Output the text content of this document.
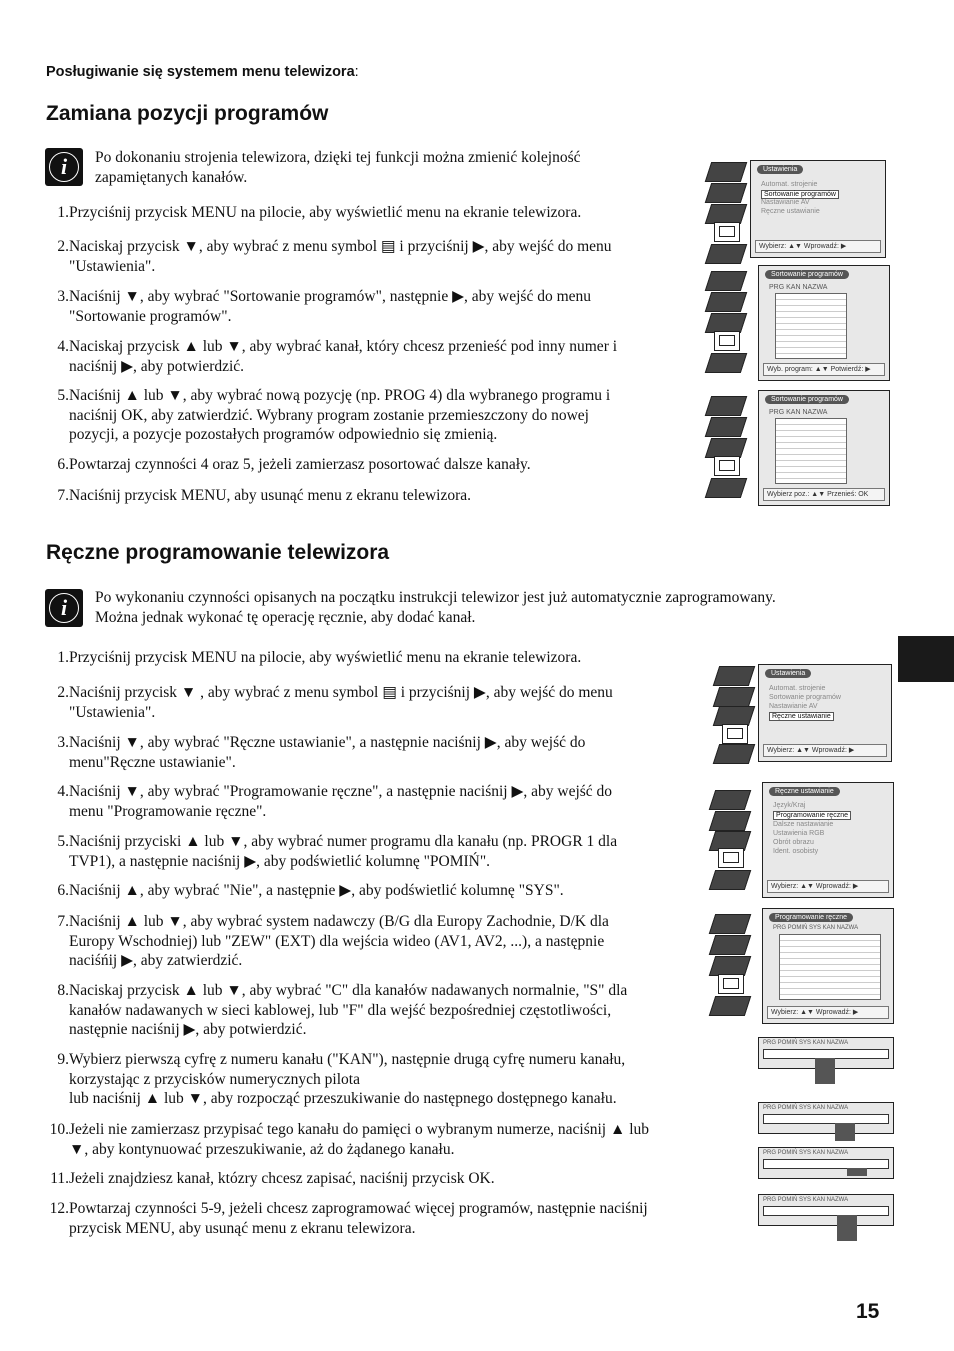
Posługiwanie się systemem menu telewizora:
Zamiana pozycji programów
i	Po dokonaniu strojenia telewizora, dzięki tej funkcji można zmienić kolejność
zapamiętanych kanałów.
1. Przyciśnij przycisk MENU na pilocie, aby wyświetlić menu na ekranie telewizora.
2. Naciskaj przycisk ▼, aby wybrać z menu symbol ▤ i przyciśnij ▶, aby wejść do menu
"Ustawienia".
3. Naciśnij ▼, aby wybrać "Sortowanie programów", następnie ▶, aby wejść do menu
"Sortowanie programów".
4. Naciskaj przycisk ▲ lub ▼, aby wybrać kanał, który chcesz przenieść pod inny numer i
naciśnij ▶, aby potwierdzić.
5. Naciśnij ▲ lub ▼, aby wybrać nową pozycję (np. PROG 4) dla wybranego programu i
naciśnij OK, aby zatwierdzić. Wybrany program zostanie przemieszczony do nowej
pozycji, a pozycje pozostałych programów odpowiednio się zmienią.
6. Powtarzaj czynności 4 oraz 5, jeżeli zamierzasz posortować dalsze kanały.
7. Naciśnij przycisk MENU, aby usunąć menu z ekranu telewizora.
Ręczne programowanie telewizora
i	Po wykonaniu czynności opisanych na początku instrukcji telewizor jest już automatycznie zaprogramowany.
Można jednak wykonać tę operację ręcznie, aby dodać kanał.
1. Przyciśnij przycisk MENU na pilocie, aby wyświetlić menu na ekranie telewizora.
2. Naciśnij przycisk ▼ , aby wybrać z menu symbol ▤ i przyciśnij ▶, aby wejść do menu
"Ustawienia".
3. Naciśnij ▼, aby wybrać "Ręczne ustawianie", a następnie naciśnij ▶, aby wejść do
menu"Ręczne ustawianie".
4. Naciśnij ▼, aby wybrać "Programowanie ręczne", a następnie naciśnij ▶, aby wejść do
menu "Programowanie ręczne".
5. Naciśnij przyciski ▲ lub ▼, aby wybrać numer programu dla kanału (np. PROGR 1 dla
TVP1), a następnie naciśnij ▶, aby podświetlić kolumnę "POMIŃ".
6. Naciśnij ▲, aby wybrać "Nie", a następnie ▶, aby podświetlić kolumnę "SYS".
7. Naciśnij ▲ lub ▼, aby wybrać system nadawczy (B/G dla Europy Zachodnie, D/K dla
Europy Wschodniej) lub "ZEW" (EXT) dla wejścia wideo (AV1, AV2, ...), a następnie
naciśńij ▶, aby zatwierdzić.
8. Naciskaj przycisk ▲ lub ▼, aby wybrać "C" dla kanałów nadawanych normalnie, "S" dla
kanałów nadawanych w sieci kablowej, lub "F" dla wejść bezpośredniej częstotliwości,
następnie naciśnij ▶, aby potwierdzić.
9. Wybierz pierwszą cyfrę z numeru kanału ("KAN"), następnie drugą cyfrę numeru kanału,
korzystając z przycisków numerycznych pilota
lub naciśnij ▲ lub ▼, aby rozpocząć przeszukiwanie do następnego dostępnego kanału.
10. Jeżeli nie zamierzasz przypisać tego kanału do pamięci o wybranym numerze, naciśnij ▲ lub
▼, aby kontynuować przeszukiwanie, aż do żądanego kanału.
11. Jeżeli znajdziesz kanał, któzry chcesz zapisać, naciśnij przycisk OK.
12. Powtarzaj czynności 5-9, jeżeli chcesz zaprogramować więcej programów, następnie naciśnij
przycisk MENU, aby usunąć menu z ekranu telewizora.
Ustawienia
Automat. strojenie
Sortowanie programów
Nastawianie AV
Ręczne ustawianie
Wybierz: ▲▼ Wprowadź: ▶
Sortowanie programów
PRG KAN NAZWA
Wyb. program: ▲▼ Potwierdź: ▶
Sortowanie programów
PRG KAN NAZWA
Wybierz poz.: ▲▼ Przenieś: OK
Ustawienia
Automat. strojenie
Sortowanie programów
Nastawianie AV
Ręczne ustawianie
Wybierz: ▲▼ Wprowadź: ▶
Ręczne ustawianie
Język/Kraj
Programowanie ręczne
Dalsze nastawianie
Ustawienia RGB
Obrót obrazu
Ident. osobisty
Wybierz: ▲▼ Wprowadź: ▶
Programowanie ręczne
PRG POMIŃ SYS KAN NAZWA
Wybierz: ▲▼ Wprowadź: ▶
PRG POMIŃ SYS KAN NAZWA
PRG POMIŃ SYS KAN NAZWA
PRG POMIŃ SYS KAN NAZWA
PRG POMIŃ SYS KAN NAZWA
15
